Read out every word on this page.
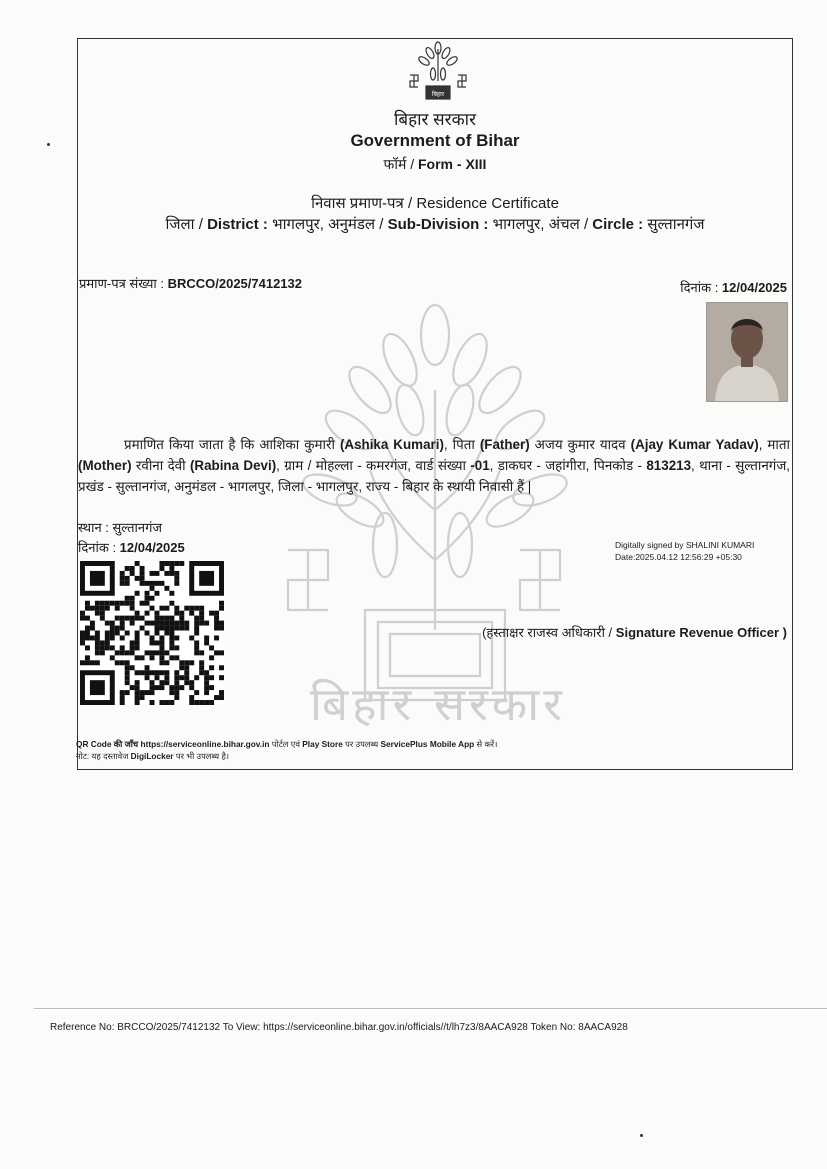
बिहार सरकार
बिहार
बिहार सरकार
Government of Bihar
फॉर्म / Form - XIII
निवास प्रमाण-पत्र / Residence Certificate
जिला / District : भागलपुर, अनुमंडल / Sub-Division : भागलपुर, अंचल / Circle : सुल्तानगंज
प्रमाण-पत्र संख्या : BRCCO/2025/7412132	दिनांक : 12/04/2025

प्रमाणित किया जाता है कि आशिका कुमारी (Ashika Kumari), पिता (Father) अजय कुमार यादव (Ajay Kumar Yadav), माता (Mother) रवीना देवी (Rabina Devi), ग्राम / मोहल्ला - कमरगंज, वार्ड संख्या -01, डाकघर - जहांगीरा, पिनकोड - 813213, थाना - सुल्तानगंज, प्रखंड - सुल्तानगंज, अनुमंडल - भागलपुर, जिला - भागलपुर, राज्य - बिहार के स्थायी निवासी हैं |

स्थान : सुल्तानगंज
दिनांक : 12/04/2025	Digitally signed by SHALINI KUMARI
Date:2025.04.12 12:56:29 +05:30
(हस्ताक्षर राजस्व अधिकारी / Signature Revenue Officer )
QR Code की जाँच https://serviceonline.bihar.gov.in पोर्टल एवं Play Store पर उपलब्ध ServicePlus Mobile App से करें।
नोट: यह दस्तावेज DigiLocker पर भी उपलब्ध है।
Reference No: BRCCO/2025/7412132 To View: https://serviceonline.bihar.gov.in/officials//t/lh7z3/8AACA928 Token No: 8AACA928
